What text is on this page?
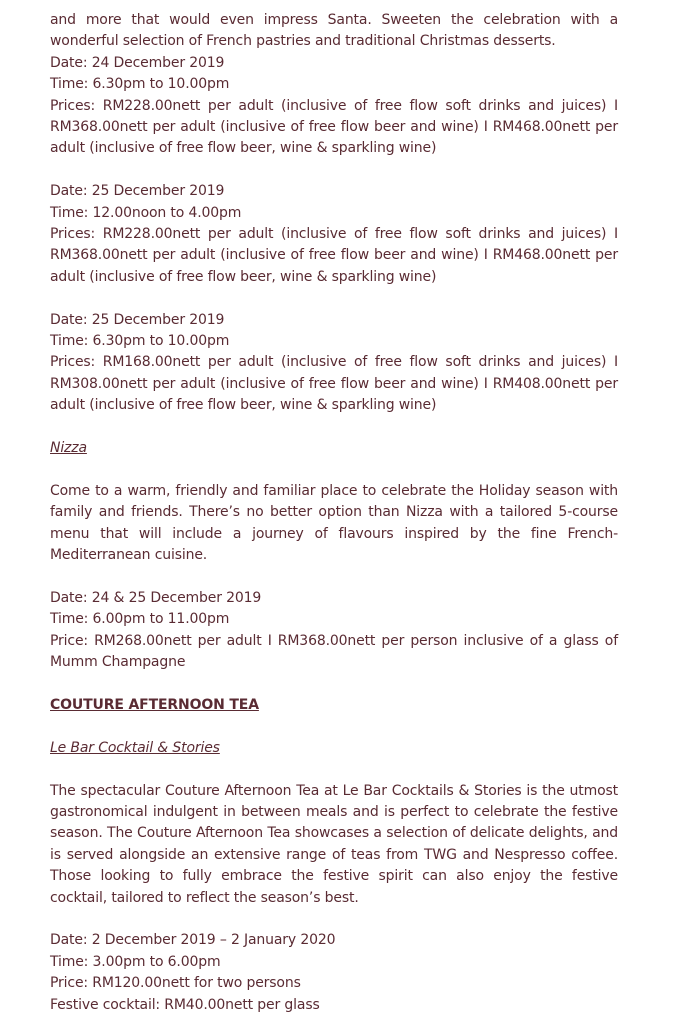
and more that would even impress Santa. Sweeten the celebration with a wonderful selection of French pastries and traditional Christmas desserts.

Date: 24 December 2019
Time: 6.30pm to 10.00pm

Prices: RM228.00nett per adult (inclusive of free flow soft drinks and juices) I RM368.00nett per adult (inclusive of free flow beer and wine) I RM468.00nett per adult (inclusive of free flow beer, wine & sparkling wine)

Date: 25 December 2019
Time: 12.00noon to 4.00pm

Prices: RM228.00nett per adult (inclusive of free flow soft drinks and juices) I RM368.00nett per adult (inclusive of free flow beer and wine) I RM468.00nett per adult (inclusive of free flow beer, wine & sparkling wine)

Date: 25 December 2019
Time: 6.30pm to 10.00pm

Prices: RM168.00nett per adult (inclusive of free flow soft drinks and juices) I RM308.00nett per adult (inclusive of free flow beer and wine) I RM408.00nett per adult (inclusive of free flow beer, wine & sparkling wine)

Nizza

Come to a warm, friendly and familiar place to celebrate the Holiday season with family and friends. There’s no better option than Nizza with a tailored 5-course menu that will include a journey of flavours inspired by the fine French- Mediterranean cuisine.

Date: 24 & 25 December 2019
Time: 6.00pm to 11.00pm

Price: RM268.00nett per adult I RM368.00nett per person inclusive of a glass of Mumm Champagne

COUTURE AFTERNOON TEA
Le Bar Cocktail & Stories

The spectacular Couture Afternoon Tea at Le Bar Cocktails & Stories is the utmost gastronomical indulgent in between meals and is perfect to celebrate the festive season. The Couture Afternoon Tea showcases a selection of delicate delights, and is served alongside an extensive range of teas from TWG and Nespresso coffee. Those looking to fully embrace the festive spirit can also enjoy the festive cocktail, tailored to reflect the season’s best.

Date: 2 December 2019 – 2 January 2020
Time: 3.00pm to 6.00pm
Price: RM120.00nett for two persons
Festive cocktail: RM40.00nett per glass
